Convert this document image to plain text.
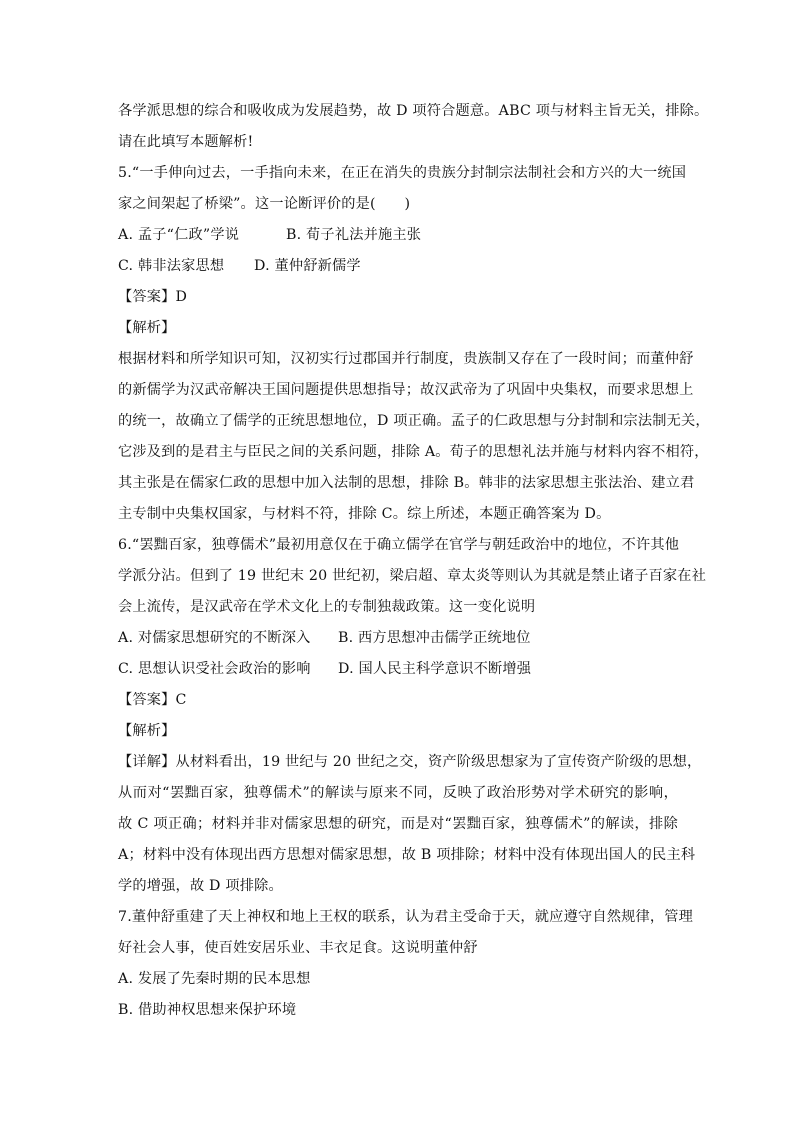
各学派思想的综合和吸收成为发展趋势，故 D 项符合题意。ABC 项与材料主旨无关，排除。
请在此填写本题解析!
5.“一手伸向过去，一手指向未来，在正在消失的贵族分封制宗法制社会和方兴的大一统国
家之间架起了桥梁”。这一论断评价的是(　　)
A. 孟子“仁政”学说	B. 荀子礼法并施主张
C. 韩非法家思想 D. 董仲舒新儒学
【答案】D
【解析】
根据材料和所学知识可知，汉初实行过郡国并行制度，贵族制又存在了一段时间；而董仲舒
的新儒学为汉武帝解决王国问题提供思想指导；故汉武帝为了巩固中央集权，而要求思想上
的统一，故确立了儒学的正统思想地位，D 项正确。孟子的仁政思想与分封制和宗法制无关，
它涉及到的是君主与臣民之间的关系问题，排除 A。荀子的思想礼法并施与材料内容不相符，
其主张是在儒家仁政的思想中加入法制的思想，排除 B。韩非的法家思想主张法治、建立君
主专制中央集权国家，与材料不符，排除 C。综上所述，本题正确答案为 D。
6.“罢黜百家，独尊儒术”最初用意仅在于确立儒学在官学与朝廷政治中的地位，不许其他
学派分沾。但到了 19 世纪末 20 世纪初，梁启超、章太炎等则认为其就是禁止诸子百家在社
会上流传，是汉武帝在学术文化上的专制独裁政策。这一变化说明
A. 对儒家思想研究的不断深入 B. 西方思想冲击儒学正统地位
C. 思想认识受社会政治的影响 D. 国人民主科学意识不断增强
【答案】C
【解析】
【详解】从材料看出，19 世纪与 20 世纪之交，资产阶级思想家为了宣传资产阶级的思想，
从而对“罢黜百家，独尊儒术”的解读与原来不同，反映了政治形势对学术研究的影响，
故 C 项正确；材料并非对儒家思想的研究，而是对“罢黜百家，独尊儒术”的解读，排除
A；材料中没有体现出西方思想对儒家思想，故 B 项排除；材料中没有体现出国人的民主科
学的增强，故 D 项排除。
7.董仲舒重建了天上神权和地上王权的联系，认为君主受命于天，就应遵守自然规律，管理
好社会人事，使百姓安居乐业、丰衣足食。这说明董仲舒
A. 发展了先秦时期的民本思想
B. 借助神权思想来保护环境
